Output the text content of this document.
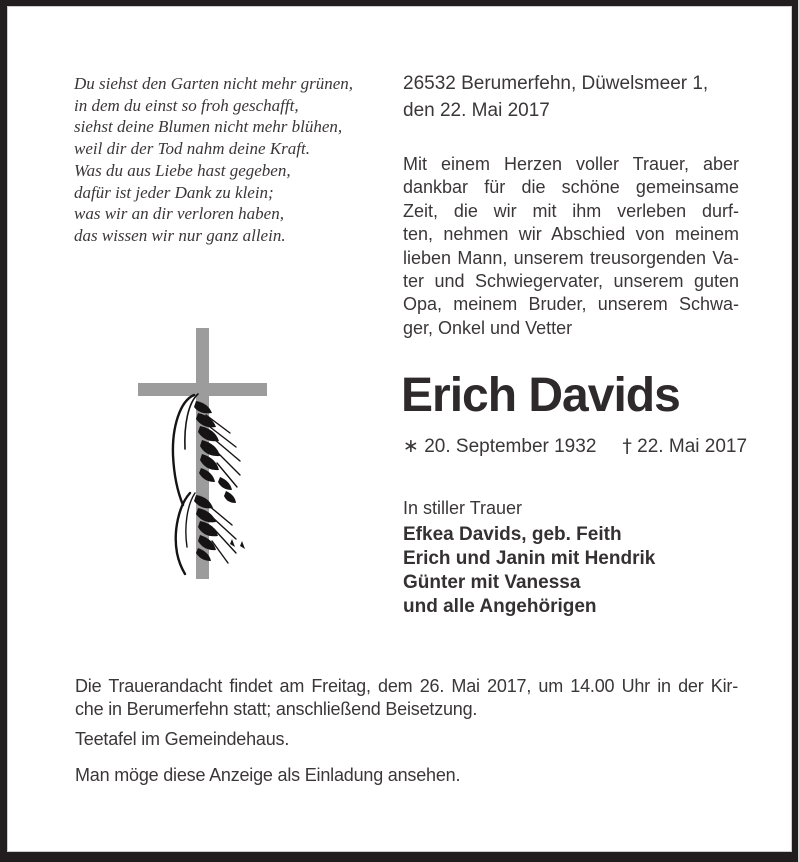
Du siehst den Garten nicht mehr grünen,
in dem du einst so froh geschafft,
siehst deine Blumen nicht mehr blühen,
weil dir der Tod nahm deine Kraft.
Was du aus Liebe hast gegeben,
dafür ist jeder Dank zu klein;
was wir an dir verloren haben,
das wissen wir nur ganz allein.
26532 Berumerfehn, Düwelsmeer 1,
den 22. Mai 2017
Mit einem Herzen voller Trauer, aber
dankbar für die schöne gemeinsame
Zeit, die wir mit ihm verleben durf-
ten, nehmen wir Abschied von meinem
lieben Mann, unserem treusorgenden Va-
ter und Schwiegervater, unserem guten
Opa, meinem Bruder, unserem Schwa-
ger, Onkel und Vetter
Erich Davids
∗ 20. September 1932 † 22. Mai 2017
In stiller Trauer
Efkea Davids, geb. Feith
Erich und Janin mit Hendrik
Günter mit Vanessa
und alle Angehörigen
Die Trauerandacht findet am Freitag, dem 26. Mai 2017, um 14.00 Uhr in der Kir-
che in Berumerfehn statt; anschließend Beisetzung.
Teetafel im Gemeindehaus.
Man möge diese Anzeige als Einladung ansehen.
